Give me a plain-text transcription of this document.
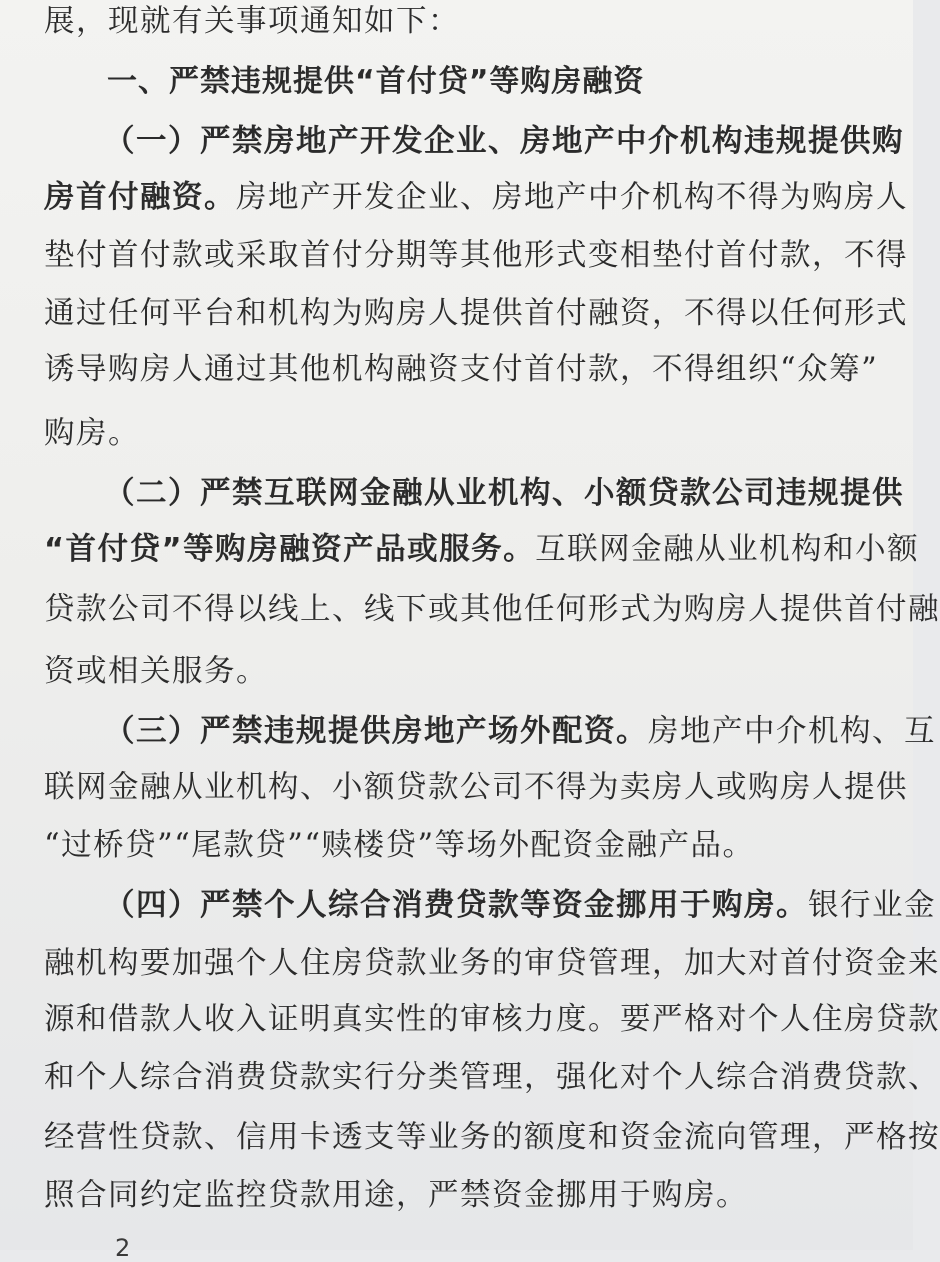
展，现就有关事项通知如下：
一、严禁违规提供“首付贷”等购房融资
（一）严禁房地产开发企业、房地产中介机构违规提供购
房首付融资。房地产开发企业、房地产中介机构不得为购房人
垫付首付款或采取首付分期等其他形式变相垫付首付款，不得
通过任何平台和机构为购房人提供首付融资，不得以任何形式
诱导购房人通过其他机构融资支付首付款，不得组织“众筹”
购房。
（二）严禁互联网金融从业机构、小额贷款公司违规提供
“首付贷”等购房融资产品或服务。互联网金融从业机构和小额
贷款公司不得以线上、线下或其他任何形式为购房人提供首付融
资或相关服务。
（三）严禁违规提供房地产场外配资。房地产中介机构、互
联网金融从业机构、小额贷款公司不得为卖房人或购房人提供
“过桥贷”“尾款贷”“赎楼贷”等场外配资金融产品。
（四）严禁个人综合消费贷款等资金挪用于购房。银行业金
融机构要加强个人住房贷款业务的审贷管理，加大对首付资金来
源和借款人收入证明真实性的审核力度。要严格对个人住房贷款
和个人综合消费贷款实行分类管理，强化对个人综合消费贷款、
经营性贷款、信用卡透支等业务的额度和资金流向管理，严格按
照合同约定监控贷款用途，严禁资金挪用于购房。
2
